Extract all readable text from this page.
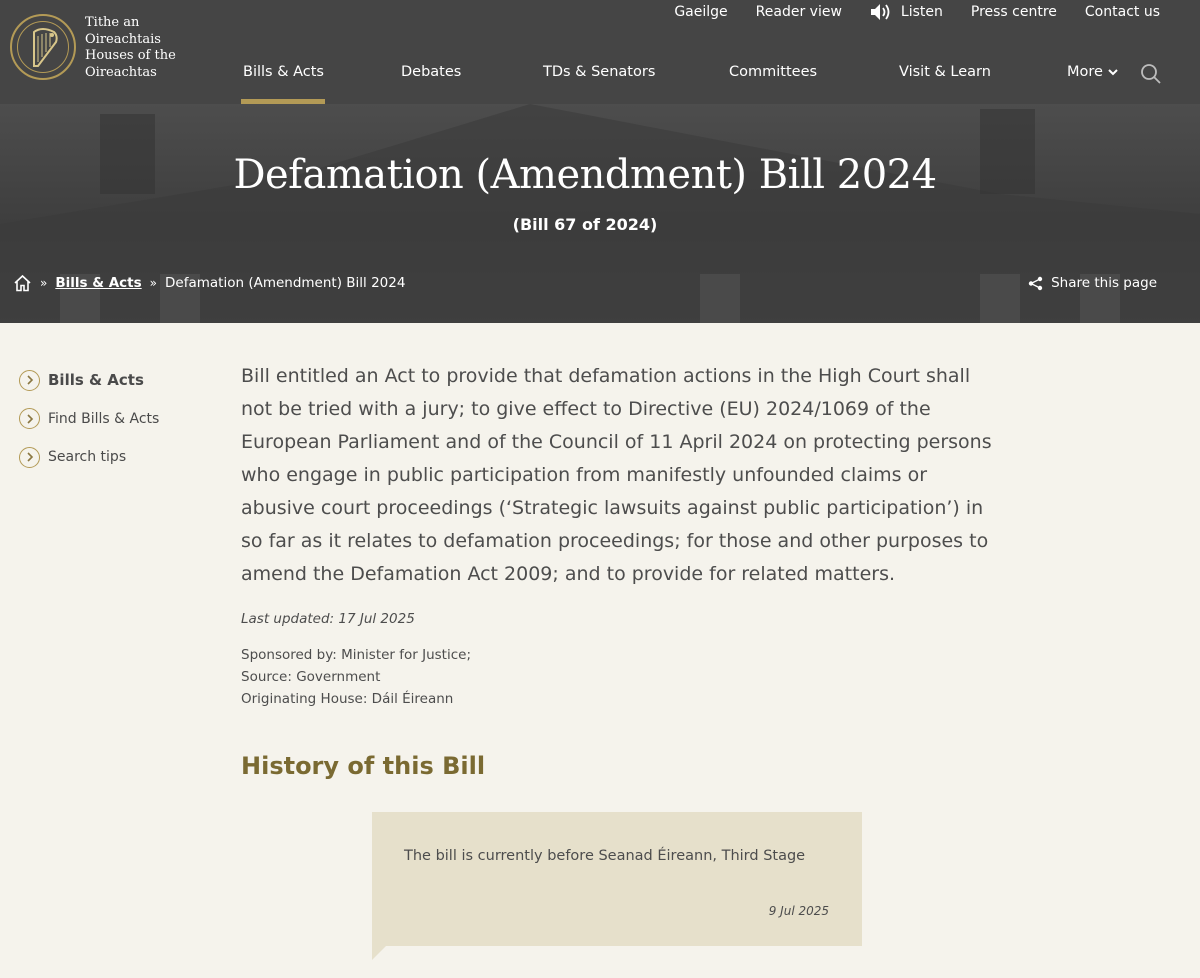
Tithe an
Oireachtais
Houses of the
Oireachtas
Gaeilge Reader view	Listen Press centre Contact us
Bills & Acts	Debates	TDs & Senators	Committees	Visit & Learn	More
Defamation (Amendment) Bill 2024
(Bill 67 of 2024)
» Bills & Acts » Defamation (Amendment) Bill 2024	Share this page
Bills & Acts
Find Bills & Acts
Search tips
Bill entitled an Act to provide that defamation actions in the High Court shall not be tried with a jury; to give effect to Directive (EU) 2024/1069 of the European Parliament and of the Council of 11 April 2024 on protecting persons who engage in public participation from manifestly unfounded claims or abusive court proceedings (‘Strategic lawsuits against public participation’) in so far as it relates to defamation proceedings; for those and other purposes to amend the Defamation Act 2009; and to provide for related matters.
Last updated: 17 Jul 2025
Sponsored by: Minister for Justice;
Source: Government
Originating House: Dáil Éireann
History of this Bill
The bill is currently before Seanad Éireann, Third Stage
9 Jul 2025
